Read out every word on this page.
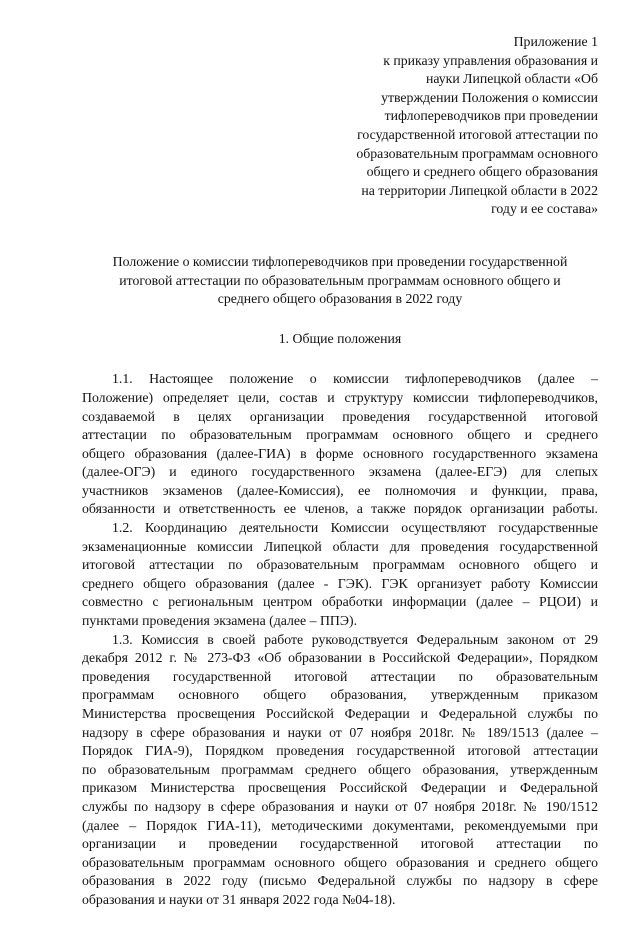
Приложение 1
к приказу управления образования и
науки Липецкой области «Об
утверждении Положения о комиссии
тифлопереводчиков при проведении
государственной итоговой аттестации по
образовательным программам основного
общего и среднего общего образования
на территории Липецкой области в 2022
году и ее состава»
Положение о комиссии тифлопереводчиков при проведении государственной
итоговой аттестации по образовательным программам основного общего и
среднего общего образования в 2022 году
1. Общие положения
1.1. Настоящее положение о комиссии тифлопереводчиков (далее –
Положение) определяет цели, состав и структуру комиссии тифлопереводчиков,
создаваемой в целях организации проведения государственной итоговой
аттестации по образовательным программам основного общего и среднего
общего образования (далее-ГИА) в форме основного государственного экзамена
(далее-ОГЭ) и единого государственного экзамена (далее-ЕГЭ) для слепых
участников экзаменов (далее-Комиссия), ее полномочия и функции, права,
обязанности и ответственность ее членов, а также порядок организации работы.
1.2. Координацию деятельности Комиссии осуществляют государственные
экзаменационные комиссии Липецкой области для проведения государственной
итоговой аттестации по образовательным программам основного общего и
среднего общего образования (далее - ГЭК). ГЭК организует работу Комиссии
совместно с региональным центром обработки информации (далее – РЦОИ) и
пунктами проведения экзамена (далее – ППЭ).
1.3. Комиссия в своей работе руководствуется Федеральным законом от 29
декабря 2012 г. № 273-ФЗ «Об образовании в Российской Федерации», Порядком
проведения государственной итоговой аттестации по образовательным
программам основного общего образования, утвержденным приказом
Министерства просвещения Российской Федерации и Федеральной службы по
надзору в сфере образования и науки от 07 ноября 2018г. № 189/1513 (далее –
Порядок ГИА-9), Порядком проведения государственной итоговой аттестации
по образовательным программам среднего общего образования, утвержденным
приказом Министерства просвещения Российской Федерации и Федеральной
службы по надзору в сфере образования и науки от 07 ноября 2018г. № 190/1512
(далее – Порядок ГИА-11), методическими документами, рекомендуемыми при
организации и проведении государственной итоговой аттестации по
образовательным программам основного общего образования и среднего общего
образования в 2022 году (письмо Федеральной службы по надзору в сфере
образования и науки от 31 января 2022 года №04-18).
